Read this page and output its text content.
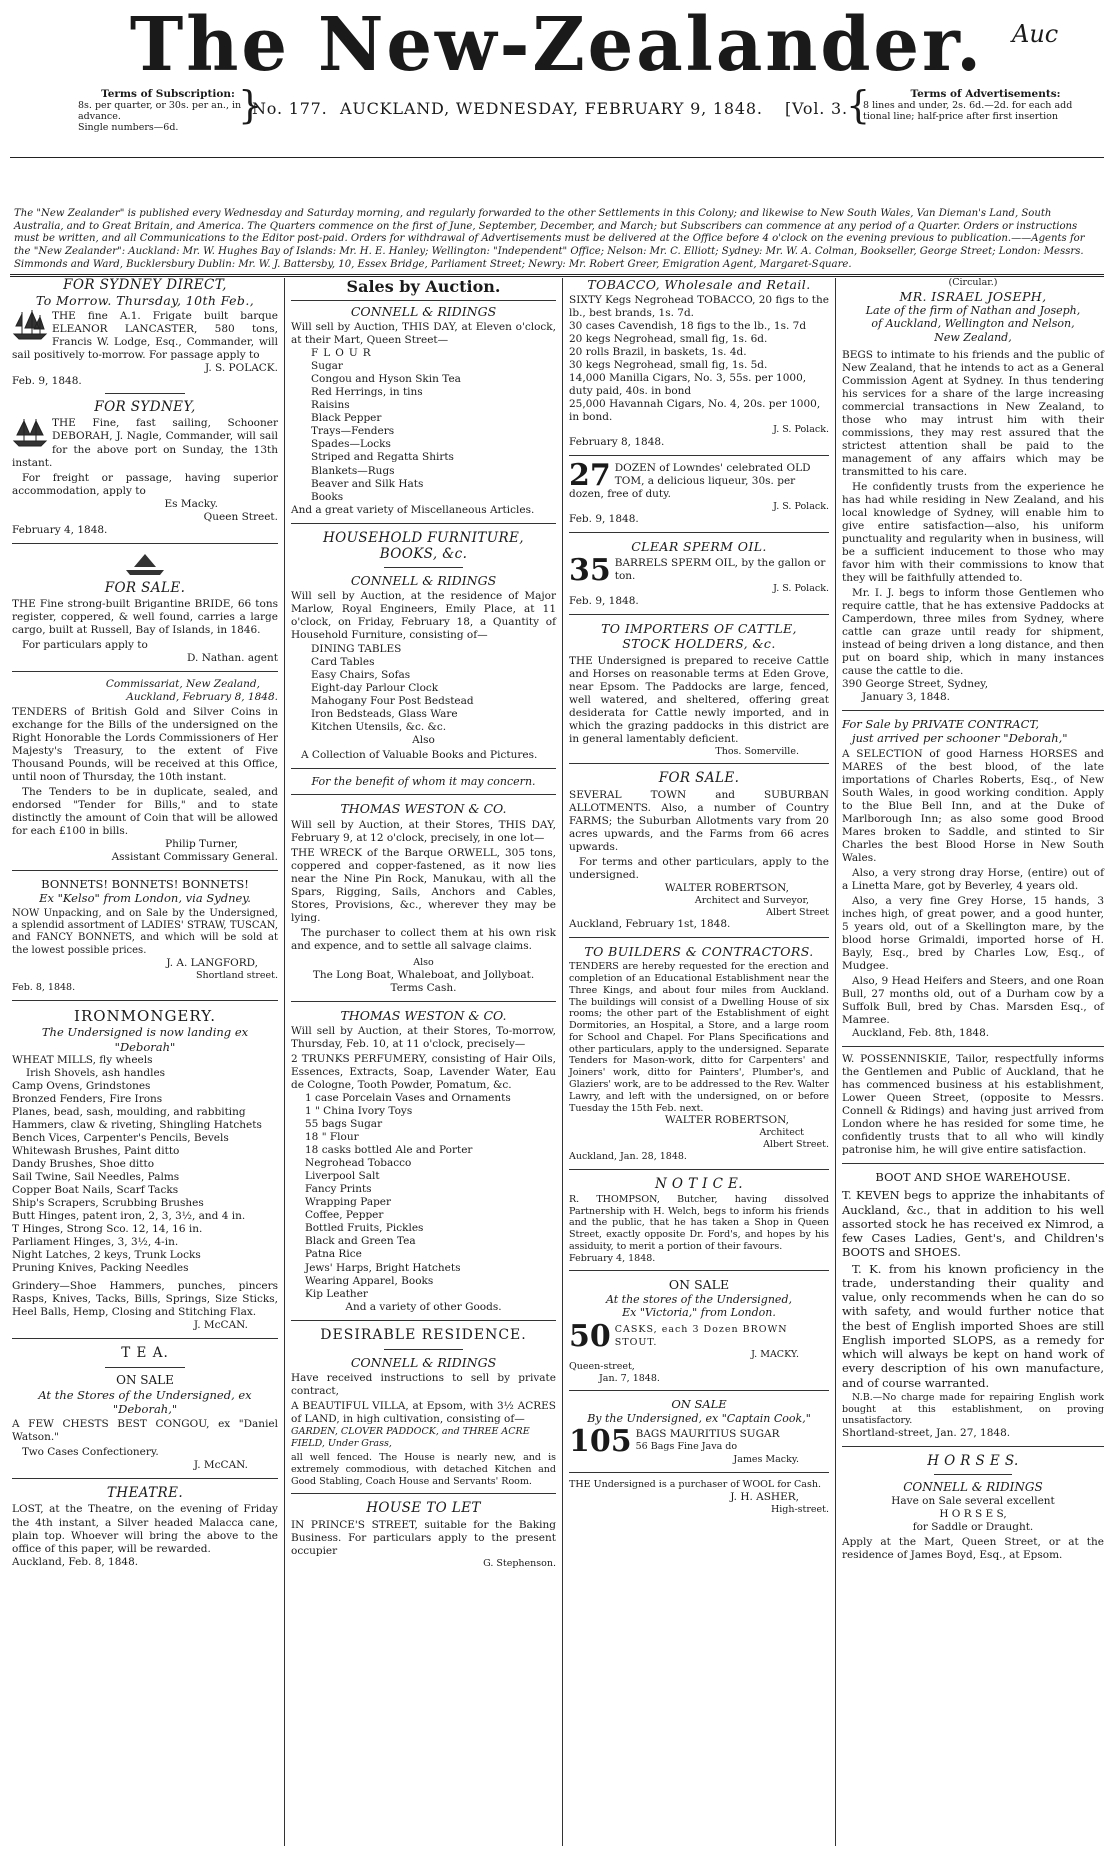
The New-Zealander.	Auc
Terms of Subscription:
8s. per quarter, or 30s. per an., in advance.
Single numbers—6d.
}
No. 177. AUCKLAND, WEDNESDAY, FEBRUARY 9, 1848. [Vol. 3.
{	Terms of Advertisements:
8 lines and under, 2s. 6d.—2d. for each add
tional line; half-price after first insertion
The "New Zealander" is published every Wednesday and Saturday morning, and regularly forwarded to the other Settlements in this Colony; and likewise to New South Wales, Van Dieman's Land, South Australia, and to Great Britain, and America. The Quarters commence on the first of June, September, December, and March; but Subscribers can commence at any period of a Quarter. Orders or instructions must be written, and all Communications to the Editor post-paid. Orders for withdrawal of Advertisements must be delivered at the Office before 4 o'clock on the evening previous to publication.——Agents for the "New Zealander": Auckland: Mr. W. Hughes Bay of Islands: Mr. H. E. Hanley; Wellington: "Independent" Office; Nelson: Mr. C. Elliott; Sydney: Mr. W. A. Colman, Bookseller, George Street; London: Messrs. Simmonds and Ward, Bucklersbury Dublin: Mr. W. J. Battersby, 10, Essex Bridge, Parliament Street; Newry: Mr. Robert Greer, Emigration Agent, Margaret-Square.
FOR SYDNEY DIRECT,
To Morrow. Thursday, 10th Feb.,
THE fine A.1. Frigate built barque ELEANOR LANCASTER, 580 tons, Francis W. Lodge, Esq., Commander, will sail positively to-morrow. For passage apply to
J. S. POLACK.
Feb. 9, 1848.
FOR SYDNEY,
THE Fine, fast sailing, Schooner DEBORAH, J. Nagle, Commander, will sail for the above port on Sunday, the 13th instant.
For freight or passage, having superior accommodation, apply to
Es Macky.
Queen Street.
February 4, 1848.
FOR SALE.
THE Fine strong-built Brigantine BRIDE, 66 tons register, coppered, & well found, carries a large cargo, built at Russell, Bay of Islands, in 1846.
For particulars apply to
D. Nathan. agent
Commissariat, New Zealand,
Auckland, February 8, 1848.
TENDERS of British Gold and Silver Coins in exchange for the Bills of the undersigned on the Right Honorable the Lords Commissioners of Her Majesty's Treasury, to the extent of Five Thousand Pounds, will be received at this Office, until noon of Thursday, the 10th instant.
The Tenders to be in duplicate, sealed, and endorsed "Tender for Bills," and to state distinctly the amount of Coin that will be allowed for each £100 in bills.
Philip Turner,
Assistant Commissary General.
BONNETS! BONNETS! BONNETS!
Ex "Kelso" from London, via Sydney.
NOW Unpacking, and on Sale by the Undersigned, a splendid assortment of LADIES' STRAW, TUSCAN, and FANCY BONNETS, and which will be sold at the lowest possible prices.
J. A. LANGFORD,
Shortland street.
Feb. 8, 1848.
IRONMONGERY.
The Undersigned is now landing ex
"Deborah"
WHEAT MILLS, fly wheels
Irish Shovels, ash handles
Camp Ovens, Grindstones
Bronzed Fenders, Fire Irons
Planes, bead, sash, moulding, and rabbiting
Hammers, claw & riveting, Shingling Hatchets
Bench Vices, Carpenter's Pencils, Bevels
Whitewash Brushes, Paint ditto
Dandy Brushes, Shoe ditto
Sail Twine, Sail Needles, Palms
Copper Boat Nails, Scarf Tacks
Ship's Scrapers, Scrubbing Brushes
Butt Hinges, patent iron, 2, 3, 3½, and 4 in.
T Hinges, Strong Sco. 12, 14, 16 in.
Parliament Hinges, 3, 3½, 4-in.
Night Latches, 2 keys, Trunk Locks
Pruning Knives, Packing Needles
Grindery—Shoe Hammers, punches, pincers Rasps, Knives, Tacks, Bills, Springs, Size Sticks, Heel Balls, Hemp, Closing and Stitching Flax.
J. McCAN.
T E A.
ON SALE
At the Stores of the Undersigned, ex
"Deborah,"
A FEW CHESTS BEST CONGOU, ex "Daniel Watson."
Two Cases Confectionery.
J. McCAN.
THEATRE.
LOST, at the Theatre, on the evening of Friday the 4th instant, a Silver headed Malacca cane, plain top. Whoever will bring the above to the office of this paper, will be rewarded.
Auckland, Feb. 8, 1848.
Sales by Auction.
CONNELL & RIDINGS
Will sell by Auction, THIS DAY, at Eleven o'clock, at their Mart, Queen Street—
FLOUR
Sugar
Congou and Hyson Skin Tea
Red Herrings, in tins
Raisins
Black Pepper
Trays—Fenders
Spades—Locks
Striped and Regatta Shirts
Blankets—Rugs
Beaver and Silk Hats
Books
And a great variety of Miscellaneous Articles.
HOUSEHOLD FURNITURE,
BOOKS, &c.
CONNELL & RIDINGS
Will sell by Auction, at the residence of Major Marlow, Royal Engineers, Emily Place, at 11 o'clock, on Friday, February 18, a Quantity of Household Furniture, consisting of—
DINING TABLES
Card Tables
Easy Chairs, Sofas
Eight-day Parlour Clock
Mahogany Four Post Bedstead
Iron Bedsteads, Glass Ware
Kitchen Utensils, &c. &c.
Also
A Collection of Valuable Books and Pictures.
For the benefit of whom it may concern.
THOMAS WESTON & CO.
Will sell by Auction, at their Stores, THIS DAY, February 9, at 12 o'clock, precisely, in one lot—
THE WRECK of the Barque ORWELL, 305 tons, coppered and copper-fastened, as it now lies near the Nine Pin Rock, Manukau, with all the Spars, Rigging, Sails, Anchors and Cables, Stores, Provisions, &c., wherever they may be lying.
The purchaser to collect them at his own risk and expence, and to settle all salvage claims.
Also
The Long Boat, Whaleboat, and Jollyboat.
Terms Cash.
THOMAS WESTON & CO.
Will sell by Auction, at their Stores, To-morrow, Thursday, Feb. 10, at 11 o'clock, precisely—
2 TRUNKS PERFUMERY, consisting of Hair Oils, Essences, Extracts, Soap, Lavender Water, Eau de Cologne, Tooth Powder, Pomatum, &c.
1 case Porcelain Vases and Ornaments
1 " China Ivory Toys
55 bags Sugar
18 " Flour
18 casks bottled Ale and Porter
Negrohead Tobacco
Liverpool Salt
Fancy Prints
Wrapping Paper
Coffee, Pepper
Bottled Fruits, Pickles
Black and Green Tea
Patna Rice
Jews' Harps, Bright Hatchets
Wearing Apparel, Books
Kip Leather
And a variety of other Goods.
DESIRABLE RESIDENCE.
CONNELL & RIDINGS
Have received instructions to sell by private contract,
A BEAUTIFUL VILLA, at Epsom, with 3½ ACRES of LAND, in high cultivation, consisting of—
GARDEN, CLOVER PADDOCK, and THREE ACRE FIELD, Under Grass,
all well fenced. The House is nearly new, and is extremely commodious, with detached Kitchen and Good Stabling, Coach House and Servants' Room.
HOUSE TO LET
IN PRINCE'S STREET, suitable for the Baking Business. For particulars apply to the present occupier
G. Stephenson.
TOBACCO, Wholesale and Retail.
SIXTY Kegs Negrohead TOBACCO, 20 figs to the lb., best brands, 1s. 7d.
30 cases Cavendish, 18 figs to the lb., 1s. 7d
20 kegs Negrohead, small fig, 1s. 6d.
20 rolls Brazil, in baskets, 1s. 4d.
30 kegs Negrohead, small fig, 1s. 5d.
14,000 Manilla Cigars, No. 3, 55s. per 1000, duty paid, 40s. in bond
25,000 Havannah Cigars, No. 4, 20s. per 1000, in bond.
J. S. Polack.
February 8, 1848.
27 DOZEN of Lowndes' celebrated OLD TOM, a delicious liqueur, 30s. per dozen, free of duty.
J. S. Polack.
Feb. 9, 1848.
CLEAR SPERM OIL.
35 BARRELS SPERM OIL, by the gallon or ton.
J. S. Polack.
Feb. 9, 1848.
TO IMPORTERS OF CATTLE,
STOCK HOLDERS, &c.
THE Undersigned is prepared to receive Cattle and Horses on reasonable terms at Eden Grove, near Epsom. The Paddocks are large, fenced, well watered, and sheltered, offering great desiderata for Cattle newly imported, and in which the grazing paddocks in this district are in general lamentably deficient.
Thos. Somerville.
FOR SALE.
SEVERAL TOWN and SUBURBAN ALLOTMENTS. Also, a number of Country FARMS; the Suburban Allotments vary from 20 acres upwards, and the Farms from 66 acres upwards.
For terms and other particulars, apply to the undersigned.
WALTER ROBERTSON,
Architect and Surveyor,
Albert Street
Auckland, February 1st, 1848.
TO BUILDERS & CONTRACTORS.
TENDERS are hereby requested for the erection and completion of an Educational Establishment near the Three Kings, and about four miles from Auckland. The buildings will consist of a Dwelling House of six rooms; the other part of the Establishment of eight Dormitories, an Hospital, a Store, and a large room for School and Chapel. For Plans Specifications and other particulars, apply to the undersigned. Separate Tenders for Mason-work, ditto for Carpenters' and Joiners' work, ditto for Painters', Plumber's, and Glaziers' work, are to be addressed to the Rev. Walter Lawry, and left with the undersigned, on or before Tuesday the 15th Feb. next.
WALTER ROBERTSON,
Architect
Albert Street.
Auckland, Jan. 28, 1848.
N O T I C E.
R. THOMPSON, Butcher, having dissolved Partnership with H. Welch, begs to inform his friends and the public, that he has taken a Shop in Queen Street, exactly opposite Dr. Ford's, and hopes by his assiduity, to merit a portion of their favours.
February 4, 1848.
ON SALE
At the stores of the Undersigned,
Ex "Victoria," from London.
50 CASKS, each 3 Dozen BROWN STOUT.
J. MACKY.
Queen-street,
Jan. 7, 1848.
ON SALE
By the Undersigned, ex "Captain Cook,"
105 BAGS MAURITIUS SUGAR
56 Bags Fine Java do
James Macky.
THE Undersigned is a purchaser of WOOL for Cash.
J. H. ASHER,
High-street.
(Circular.)
MR. ISRAEL JOSEPH,
Late of the firm of Nathan and Joseph,
of Auckland, Wellington and Nelson,
New Zealand,
BEGS to intimate to his friends and the public of New Zealand, that he intends to act as a General Commission Agent at Sydney. In thus tendering his services for a share of the large increasing commercial transactions in New Zealand, to those who may intrust him with their commissions, they may rest assured that the strictest attention shall be paid to the management of any affairs which may be transmitted to his care.
He confidently trusts from the experience he has had while residing in New Zealand, and his local knowledge of Sydney, will enable him to give entire satisfaction—also, his uniform punctuality and regularity when in business, will be a sufficient inducement to those who may favor him with their commissions to know that they will be faithfully attended to.
Mr. I. J. begs to inform those Gentlemen who require cattle, that he has extensive Paddocks at Camperdown, three miles from Sydney, where cattle can graze until ready for shipment, instead of being driven a long distance, and then put on board ship, which in many instances cause the cattle to die.
390 George Street, Sydney,
January 3, 1848.
For Sale by PRIVATE CONTRACT,
just arrived per schooner "Deborah,"
A SELECTION of good Harness HORSES and MARES of the best blood, of the late importations of Charles Roberts, Esq., of New South Wales, in good working condition. Apply to the Blue Bell Inn, and at the Duke of Marlborough Inn; as also some good Brood Mares broken to Saddle, and stinted to Sir Charles the best Blood Horse in New South Wales.
Also, a very strong dray Horse, (entire) out of a Linetta Mare, got by Beverley, 4 years old.
Also, a very fine Grey Horse, 15 hands, 3 inches high, of great power, and a good hunter, 5 years old, out of a Skellington mare, by the blood horse Grimaldi, imported horse of H. Bayly, Esq., bred by Charles Low, Esq., of Mudgee.
Also, 9 Head Heifers and Steers, and one Roan Bull, 27 months old, out of a Durham cow by a Suffolk Bull, bred by Chas. Marsden Esq., of Mamree.
Auckland, Feb. 8th, 1848.
W. POSSENNISKIE, Tailor, respectfully informs the Gentlemen and Public of Auckland, that he has commenced business at his establishment, Lower Queen Street, (opposite to Messrs. Connell & Ridings) and having just arrived from London where he has resided for some time, he confidently trusts that to all who will kindly patronise him, he will give entire satisfaction.
BOOT AND SHOE WAREHOUSE.
T. KEVEN begs to apprize the inhabitants of Auckland, &c., that in addition to his well assorted stock he has received ex Nimrod, a few Cases Ladies, Gent's, and Children's BOOTS and SHOES.
T. K. from his known proficiency in the trade, understanding their quality and value, only recommends when he can do so with safety, and would further notice that the best of English imported Shoes are still English imported SLOPS, as a remedy for which will always be kept on hand work of every description of his own manufacture, and of course warranted.
N.B.—No charge made for repairing English work bought at this establishment, on proving unsatisfactory.
Shortland-street, Jan. 27, 1848.
H O R S E S.
CONNELL & RIDINGS
Have on Sale several excellent
H O R S E S,
for Saddle or Draught.
Apply at the Mart, Queen Street, or at the residence of James Boyd, Esq., at Epsom.
